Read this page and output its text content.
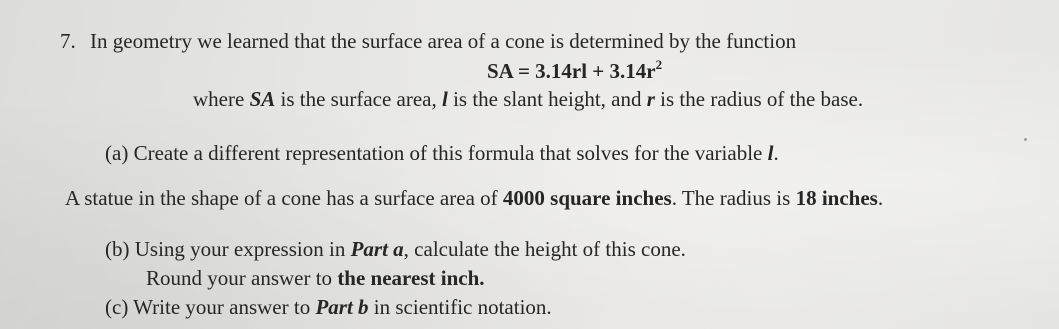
7. In geometry we learned that the surface area of a cone is determined by the function
SA = $3.14rl + 3.14r^2$
where SA is the surface area, l is the slant height, and r is the radius of the base.
(a) Create a different representation of this formula that solves for the variable l.
A statue in the shape of a cone has a surface area of 4000 square inches. The radius is 18 inches.
(b) Using your expression in Part a, calculate the height of this cone.
Round your answer to the nearest inch.
(c) Write your answer to Part b in scientific notation.
